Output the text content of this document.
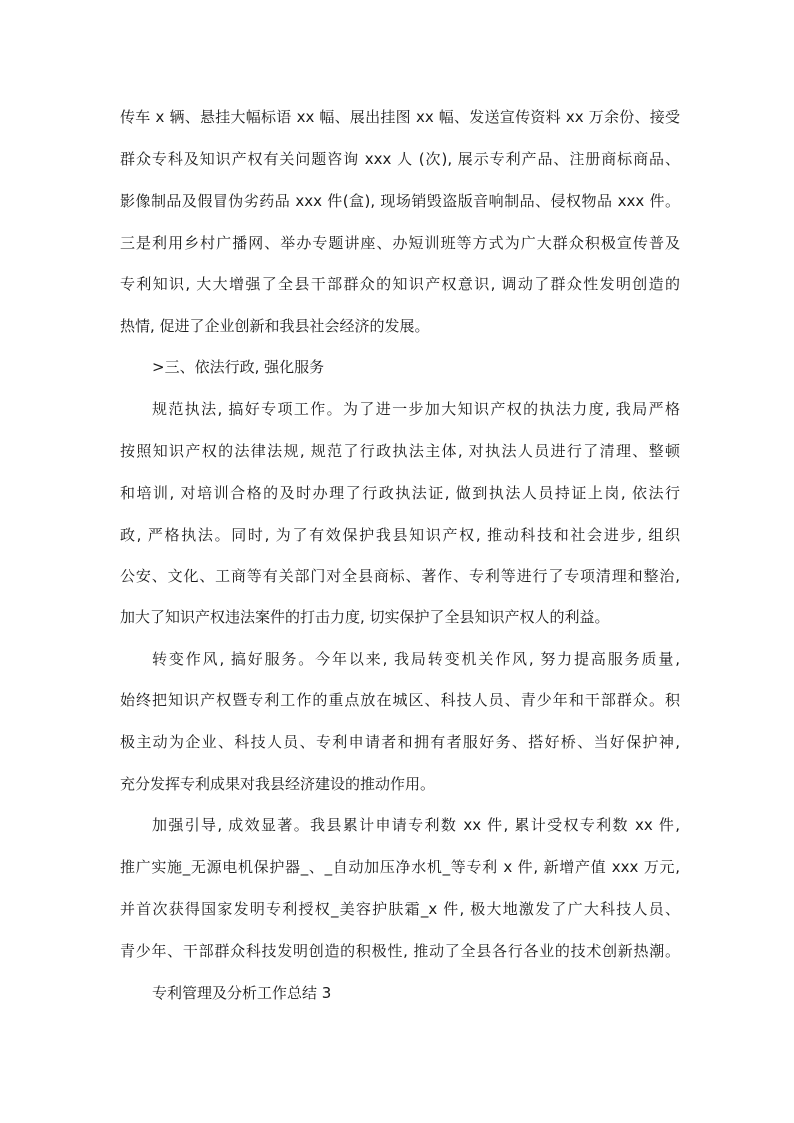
传车 x 辆、悬挂大幅标语 xx 幅、展出挂图 xx 幅、发送宣传资料 xx 万余份、接受
群众专科及知识产权有关问题咨询 xxx 人 (次), 展示专利产品、注册商标商品、
影像制品及假冒伪劣药品 xxx 件(盒), 现场销毁盗版音响制品、侵权物品 xxx 件。
三是利用乡村广播网、举办专题讲座、办短训班等方式为广大群众积极宣传普及
专利知识, 大大增强了全县干部群众的知识产权意识, 调动了群众性发明创造的
热情, 促进了企业创新和我县社会经济的发展。
>三、依法行政, 强化服务
规范执法, 搞好专项工作。为了进一步加大知识产权的执法力度, 我局严格
按照知识产权的法律法规, 规范了行政执法主体, 对执法人员进行了清理、整顿
和培训, 对培训合格的及时办理了行政执法证, 做到执法人员持证上岗, 依法行
政, 严格执法。同时, 为了有效保护我县知识产权, 推动科技和社会进步, 组织
公安、文化、工商等有关部门对全县商标、著作、专利等进行了专项清理和整治,
加大了知识产权违法案件的打击力度, 切实保护了全县知识产权人的利益。
转变作风, 搞好服务。今年以来, 我局转变机关作风, 努力提高服务质量,
始终把知识产权暨专利工作的重点放在城区、科技人员、青少年和干部群众。积
极主动为企业、科技人员、专利申请者和拥有者服好务、搭好桥、当好保护神,
充分发挥专利成果对我县经济建设的推动作用。
加强引导, 成效显著。我县累计申请专利数 xx 件, 累计受权专利数 xx 件,
推广实施_无源电机保护器_、_自动加压净水机_等专利 x 件, 新增产值 xxx 万元,
并首次获得国家发明专利授权_美容护肤霜_x 件, 极大地激发了广大科技人员、
青少年、干部群众科技发明创造的积极性, 推动了全县各行各业的技术创新热潮。
专利管理及分析工作总结 3
